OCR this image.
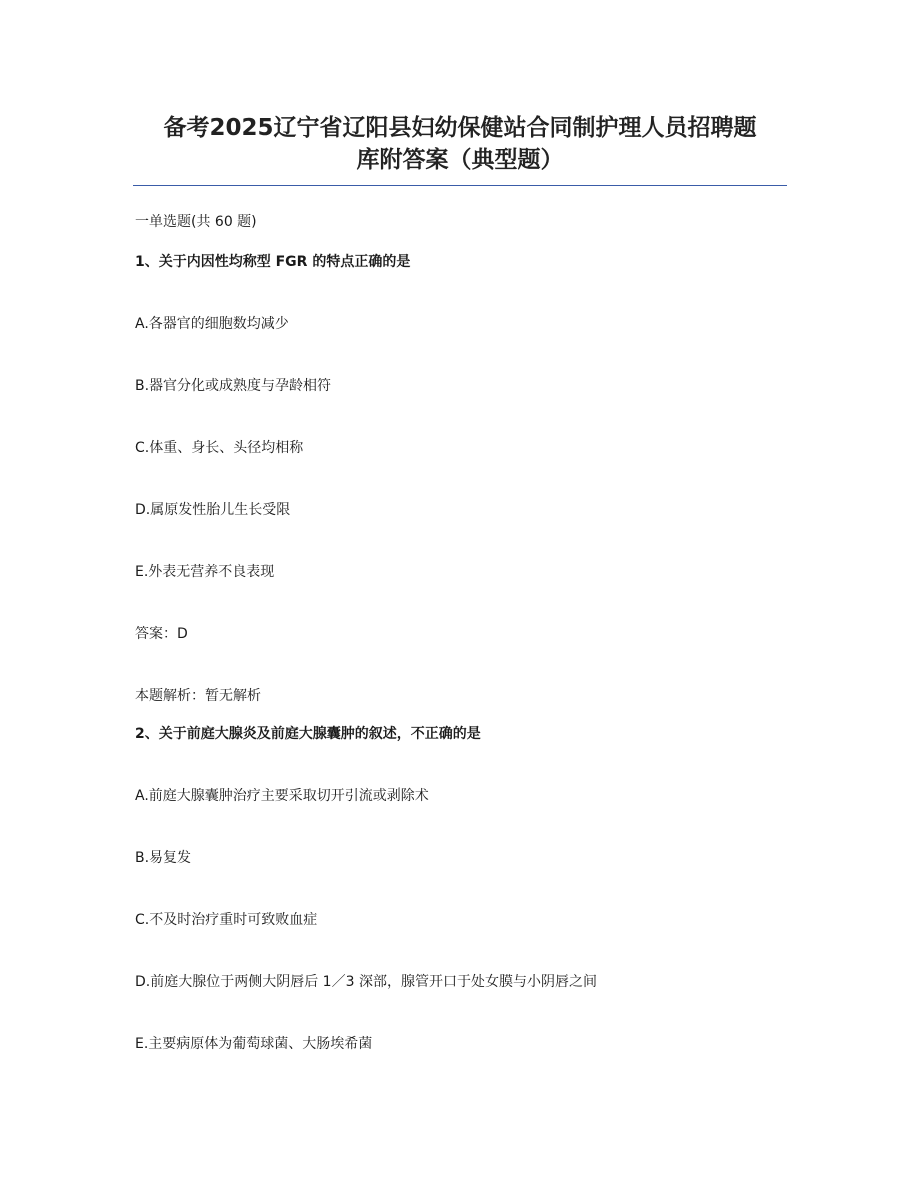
备考2025辽宁省辽阳县妇幼保健站合同制护理人员招聘题
库附答案（典型题）
一单选题(共 60 题)
1、关于内因性均称型 FGR 的特点正确的是
A.各器官的细胞数均减少
B.器官分化或成熟度与孕龄相符
C.体重、身长、头径均相称
D.属原发性胎儿生长受限
E.外表无营养不良表现
答案：D
本题解析：暂无解析
2、关于前庭大腺炎及前庭大腺囊肿的叙述，不正确的是
A.前庭大腺囊肿治疗主要采取切开引流或剥除术
B.易复发
C.不及时治疗重时可致败血症
D.前庭大腺位于两侧大阴唇后 1／3 深部，腺管开口于处女膜与小阴唇之间
E.主要病原体为葡萄球菌、大肠埃希菌
